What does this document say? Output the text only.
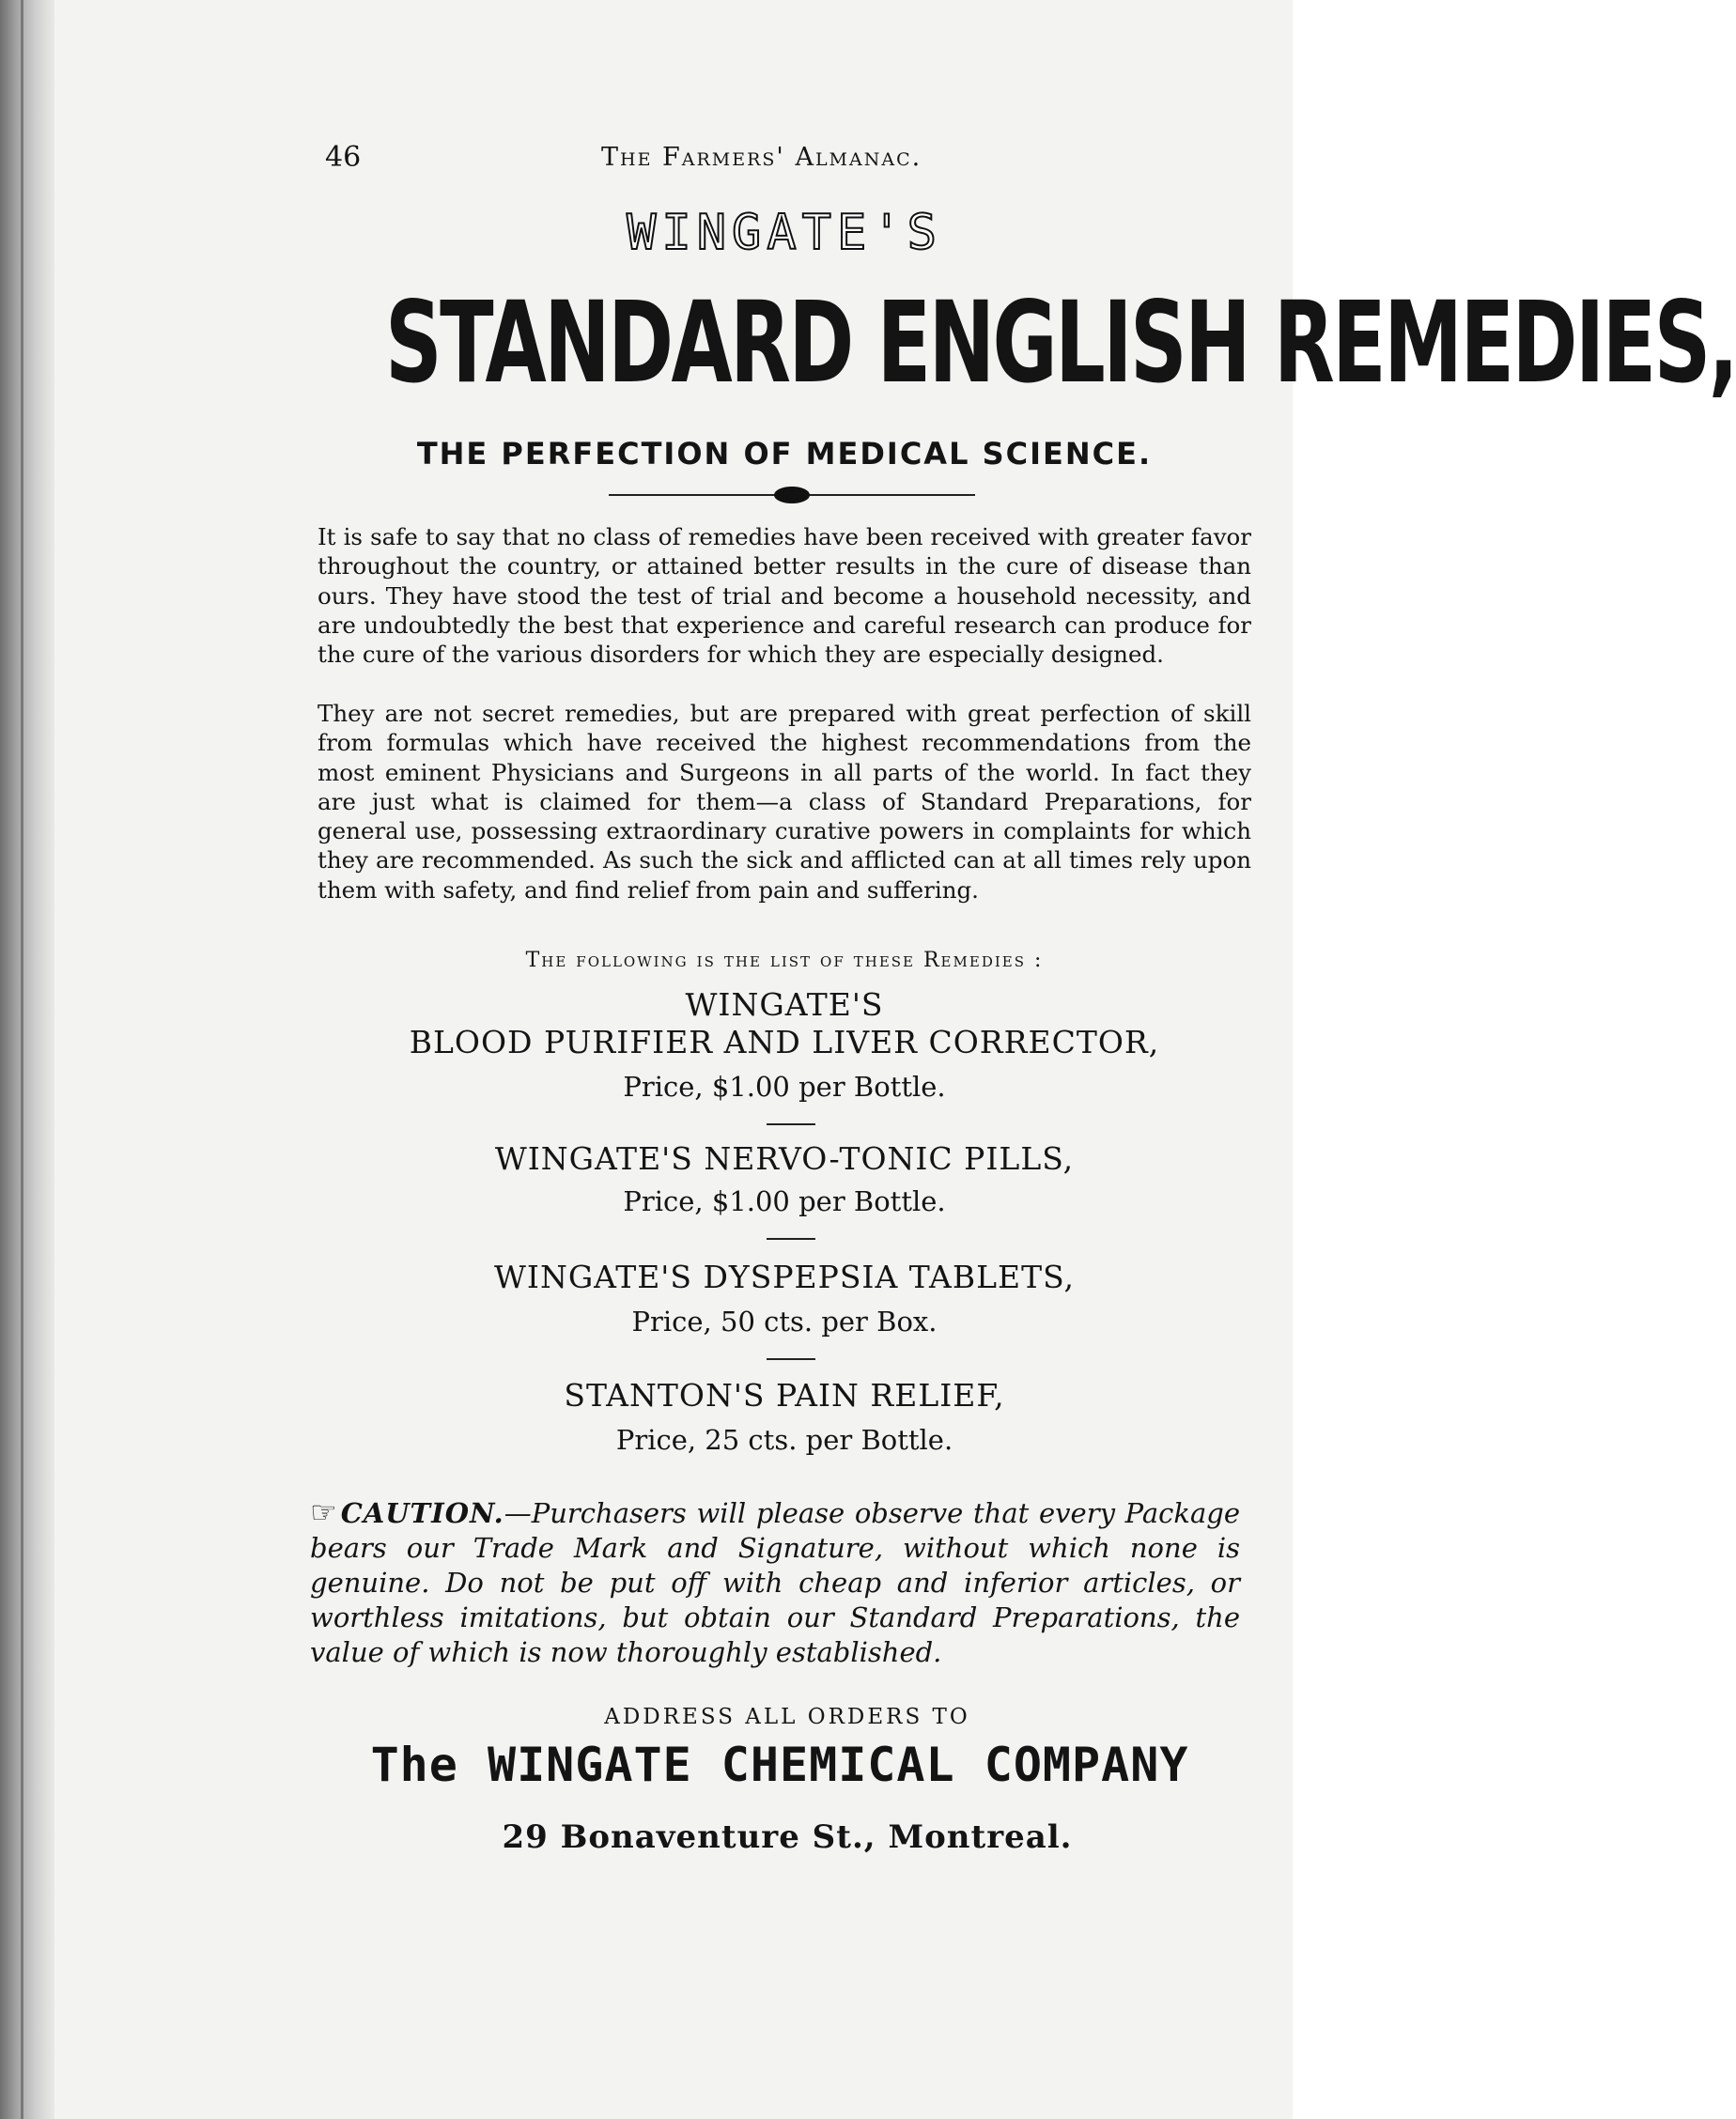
46	The Farmers' Almanac.
WINGATE'S
STANDARD ENGLISH REMEDIES,
THE PERFECTION OF MEDICAL SCIENCE.
It is safe to say that no class of remedies have been received with greater favor throughout the country, or attained better results in the cure of disease than ours. They have stood the test of trial and become a household necessity, and are undoubtedly the best that experience and careful research can produce for the cure of the various disorders for which they are especially designed.
They are not secret remedies, but are prepared with great perfection of skill from formulas which have received the highest recommendations from the most eminent Physicians and Surgeons in all parts of the world. In fact they are just what is claimed for them—a class of Standard Preparations, for general use, possessing extraordinary curative powers in complaints for which they are recommended. As such the sick and afflicted can at all times rely upon them with safety, and find relief from pain and suffering.
The following is the list of these Remedies :
WINGATE'S
BLOOD PURIFIER AND LIVER CORRECTOR,
Price, $1.00 per Bottle.
WINGATE'S NERVO-TONIC PILLS,
Price, $1.00 per Bottle.
WINGATE'S DYSPEPSIA TABLETS,
Price, 50 cts. per Box.
STANTON'S PAIN RELIEF,
Price, 25 cts. per Bottle.
☞ CAUTION.—Purchasers will please observe that every Package bears our Trade Mark and Signature, without which none is genuine. Do not be put off with cheap and inferior articles, or worthless imitations, but obtain our Standard Preparations, the value of which is now thoroughly established.
ADDRESS ALL ORDERS TO
The WINGATE CHEMICAL COMPANY
29 Bonaventure St., Montreal.
